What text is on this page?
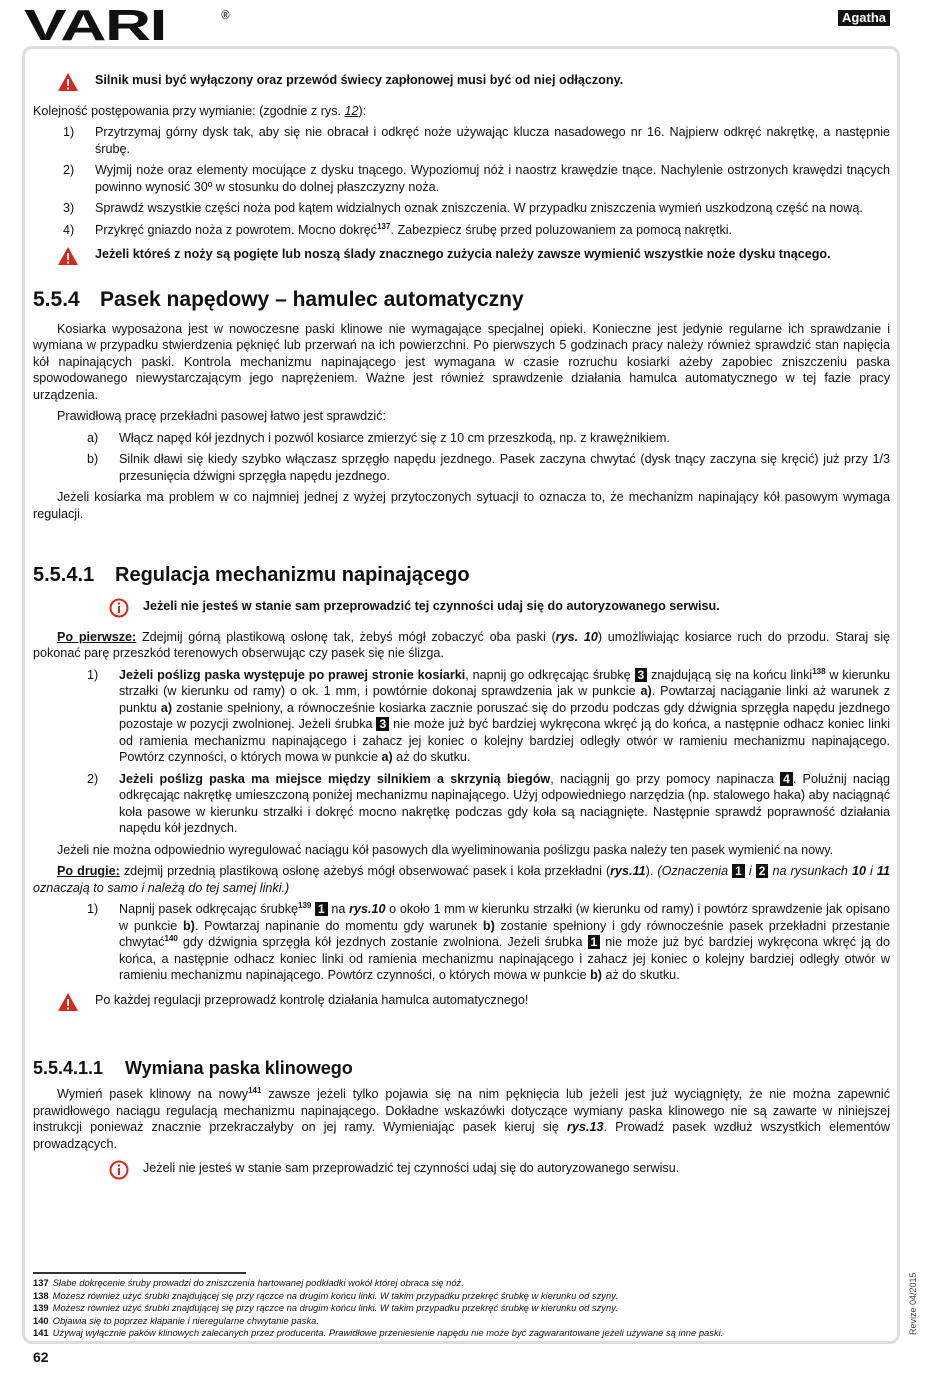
VARI	®	Agatha
Silnik musi być wyłączony oraz przewód świecy zapłonowej musi być od niej odłączony.

Kolejność postępowania przy wymianie: (zgodnie z rys. 12):

1)	Przytrzymaj górny dysk tak, aby się nie obracał i odkręć noże używając klucza nasadowego nr 16. Najpierw odkręć nakrętkę, a następnie śrubę.
2)	Wyjmij noże oraz elementy mocujące z dysku tnącego. Wypoziomuj nóż i naostrz krawędzie tnące. Nachylenie ostrzonych krawędzi tnących powinno wynosić 30º w stosunku do dolnej płaszczyzny noża.
3)	Sprawdź wszystkie części noża pod kątem widzialnych oznak zniszczenia. W przypadku zniszczenia wymień uszkodzoną część na nową.
4)	Przykręć gniazdo noża z powrotem. Mocno dokręć$^{137}$. Zabezpiecz śrubę przed poluzowaniem za pomocą nakrętki.
Jeżeli któreś z noży są pogięte lub noszą ślady znacznego zużycia należy zawsze wymienić wszystkie noże dysku tnącego.
5.5.4 Pasek napędowy – hamulec automatyczny

Kosiarka wyposażona jest w nowoczesne paski klinowe nie wymagające specjalnej opieki. Konieczne jest jedynie regularne ich sprawdzanie i wymiana w przypadku stwierdzenia pęknięć lub przerwań na ich powierzchni. Po pierwszych 5 godzinach pracy należy również sprawdzić stan napięcia kół napinających paski. Kontrola mechanizmu napinającego jest wymagana w czasie rozruchu kosiarki ażeby zapobiec zniszczeniu paska spowodowanego niewystarczającym jego naprężeniem. Ważne jest również sprawdzenie działania hamulca automatycznego w tej fazie pracy urządzenia.

Prawidłową pracę przekładni pasowej łatwo jest sprawdzić:

a)	Włącz napęd kół jezdnych i pozwól kosiarce zmierzyć się z 10 cm przeszkodą, np. z krawężnikiem.
b)	Silnik dławi się kiedy szybko włączasz sprzęgło napędu jezdnego. Pasek zaczyna chwytać (dysk tnący zaczyna się kręcić) już przy 1/3 przesunięcia dźwigni sprzęgła napędu jezdnego.

Jeżeli kosiarka ma problem w co najmniej jednej z wyżej przytoczonych sytuacji to oznacza to, że mechanizm napinający kół pasowym wymaga regulacji.

5.5.4.1 Regulacja mechanizmu napinającego
Jeżeli nie jesteś w stanie sam przeprowadzić tej czynności udaj się do autoryzowanego serwisu.

Po pierwsze: Zdejmij górną plastikową osłonę tak, żebyś mógł zobaczyć oba paski (rys. 10) umożliwiając kosiarce ruch do przodu. Staraj się pokonać parę przeszkód terenowych obserwując czy pasek się nie ślizga.

1)	Jeżeli poślizg paska występuje po prawej stronie kosiarki, napnij go odkręcając śrubkę 3 znajdującą się na końcu linki$^{138}$ w kierunku strzałki (w kierunku od ramy) o ok. 1 mm, i powtórnie dokonaj sprawdzenia jak w punkcie a). Powtarzaj naciąganie linki aż warunek z punktu a) zostanie spełniony, a równocześnie kosiarka zacznie poruszać się do przodu podczas gdy dźwignia sprzęgła napędu jezdnego pozostaje w pozycji zwolnionej. Jeżeli śrubka 3 nie może już być bardziej wykręcona wkręć ją do końca, a następnie odhacz koniec linki od ramienia mechanizmu napinającego i zahacz jej koniec o kolejny bardziej odległy otwór w ramieniu mechanizmu napinającego. Powtórz czynności, o których mowa w punkcie a) aż do skutku.
2)	Jeżeli poślizg paska ma miejsce między silnikiem a skrzynią biegów, naciągnij go przy pomocy napinacza 4 . Poluźnij naciąg odkręcając nakrętkę umieszczoną poniżej mechanizmu napinającego. Użyj odpowiedniego narzędzia (np. stalowego haka) aby naciągnąć koła pasowe w kierunku strzałki i dokręć mocno nakrętkę podczas gdy koła są naciągnięte. Następnie sprawdź poprawność działania napędu kół jezdnych.

Jeżeli nie można odpowiednio wyregulować naciągu kół pasowych dla wyeliminowania poślizgu paska należy ten pasek wymienić na nowy.

Po drugie: zdejmij przednią plastikową osłonę ażebyś mógł obserwować pasek i koła przekładni (rys.11). (Oznaczenia 1 i 2 na rysunkach 10 i 11 oznaczają to samo i należą do tej samej linki.)

1)	Napnij pasek odkręcając śrubkę$^{139}$ 1 na rys.10 o około 1 mm w kierunku strzałki (w kierunku od ramy) i powtórz sprawdzenie jak opisano w punkcie b). Powtarzaj napinanie do momentu gdy warunek b) zostanie spełniony i gdy równocześnie pasek przekładni przestanie chwytać$^{140}$ gdy dźwignia sprzęgła kół jezdnych zostanie zwolniona. Jeżeli śrubka 1 nie może już być bardziej wykręcona wkręć ją do końca, a następnie odhacz koniec linki od ramienia mechanizmu napinającego i zahacz jej koniec o kolejny bardziej odległy otwór w ramieniu mechanizmu napinającego. Powtórz czynności, o których mowa w punkcie b) aż do skutku.
Po każdej regulacji przeprowadź kontrolę działania hamulca automatycznego!
5.5.4.1.1 Wymiana paska klinowego

Wymień pasek klinowy na nowy$^{141}$ zawsze jeżeli tylko pojawia się na nim pęknięcia lub jeżeli jest już wyciągnięty, że nie można zapewnić prawidłowego naciągu regulacją mechanizmu napinającego. Dokładne wskazówki dotyczące wymiany paska klinowego nie są zawarte w niniejszej instrukcji ponieważ znacznie przekraczałyby on jej ramy. Wymieniając pasek kieruj się rys.13. Prowadź pasek wzdłuż wszystkich elementów prowadzących.

Jeżeli nie jesteś w stanie sam przeprowadzić tej czynności udaj się do autoryzowanego serwisu.
137 Słabe dokręcenie śruby prowadzi do zniszczenia hartowanej podkładki wokół której obraca się nóż.
138 Możesz również użyć śrubki znajdującej się przy rączce na drugim końcu linki. W takim przypadku przekręć śrubkę w kierunku od szyny.
139 Możesz również użyć śrubki znajdującej się przy rączce na drugim końcu linki. W takim przypadku przekręć śrubkę w kierunku od szyny.
140 Objawia się to poprzez kłapanie i nieregularne chwytanie paska.
141 Używaj wyłącznie paków klinowych zalecanych przez producenta. Prawidłowe przeniesienie napędu nie może być zagwarantowane jeżeli używane są inne paski.
62
Revize 04/2015
